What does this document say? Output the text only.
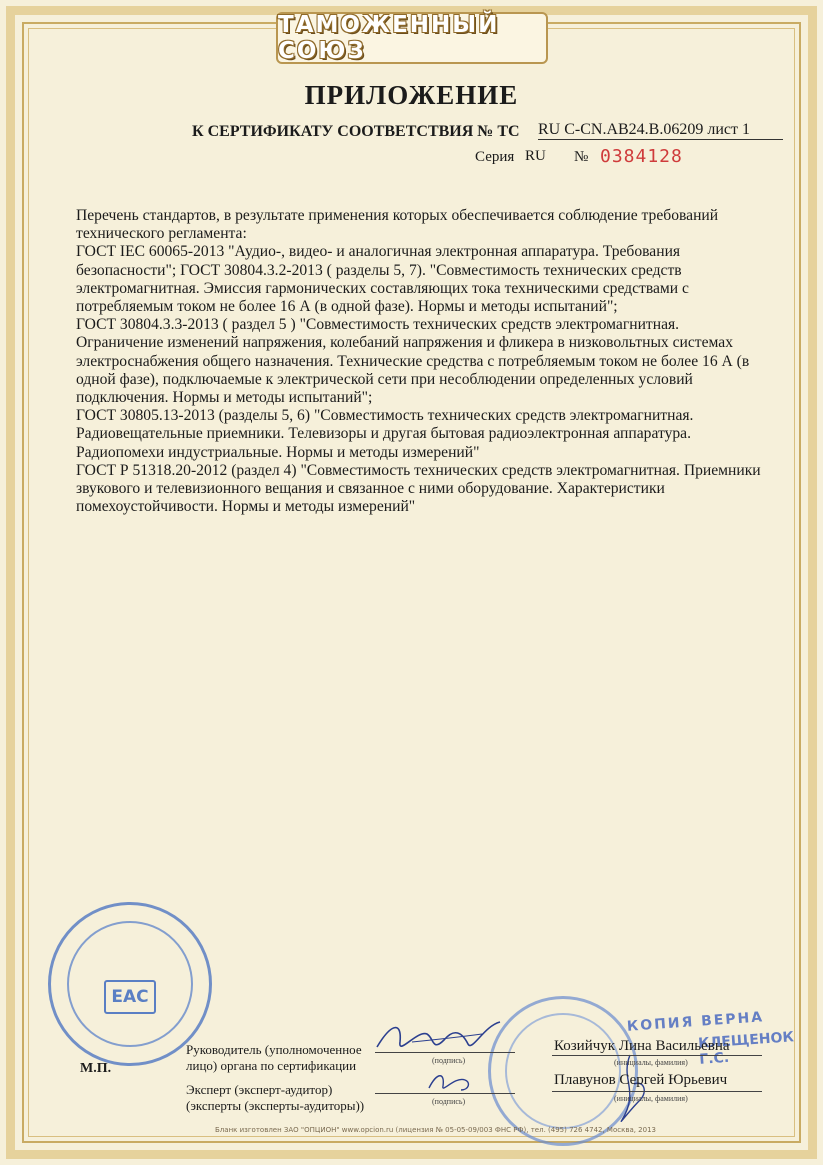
ТАМОЖЕННЫЙ СОЮЗ
ПРИЛОЖЕНИЕ
К СЕРТИФИКАТУ СООТВЕТСТВИЯ № ТС RU C-CN.AB24.B.06209 лист 1
Серия RU № 0384128

Перечень стандартов, в результате применения которых обеспечивается соблюдение требований технического регламента:

ГОСТ IEC 60065-2013 "Аудио-, видео- и аналогичная электронная аппаратура. Требования безопасности"; ГОСТ 30804.3.2-2013 ( разделы 5, 7). "Совместимость технических средств электромагнитная. Эмиссия гармонических составляющих тока техническими средствами с потребляемым током не более 16 А (в одной фазе). Нормы и методы испытаний";

ГОСТ 30804.3.3-2013 ( раздел 5 ) "Совместимость технических средств электромагнитная. Ограничение изменений напряжения, колебаний напряжения и фликера в низковольтных системах электроснабжения общего назначения. Технические средства с потребляемым током не более 16 А (в одной фазе), подключаемые к электрической сети при несоблюдении определенных условий подключения. Нормы и методы испытаний";

ГОСТ 30805.13-2013 (разделы 5, 6) "Совместимость технических средств электромагнитная. Радиовещательные приемники. Телевизоры и другая бытовая радиоэлектронная аппаратура. Радиопомехи индустриальные. Нормы и методы измерений"

ГОСТ Р 51318.20-2012 (раздел 4) "Совместимость технических средств электромагнитная. Приемники звукового и телевизионного вещания и связанное с ними оборудование. Характеристики помехоустойчивости. Нормы и методы измерений"

ЕАС
КОПИЯ ВЕРНА
КЛЕЩЕНОК Г.С.
М.П.
Руководитель (уполномоченное
лицо) органа по сертификации
Эксперт (эксперт-аудитор)
(эксперты (эксперты-аудиторы))
(подпись)
(подпись)
Козийчук Лина Васильевна
(инициалы, фамилия)
Плавунов Сергей Юрьевич
(инициалы, фамилия)
Бланк изготовлен ЗАО "ОПЦИОН" www.opcion.ru (лицензия № 05-05-09/003 ФНС РФ), тел. (495) 726 4742, Москва, 2013
